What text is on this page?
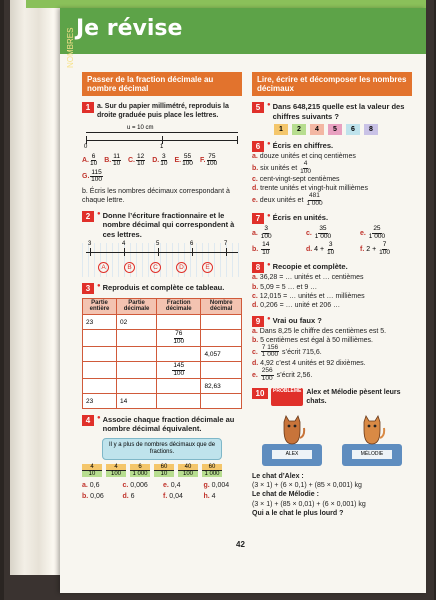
Je révise
NOMBRES
Passer de la fraction décimale au nombre décimal
1 a. Sur du papier millimétré, reproduis la droite graduée puis place les lettres.
u = 10 cm
0	1
A. $\frac{6}{10} B$. $\frac{11}{10} C$. $\frac{12}{10} D$. $\frac{3}{10} E$. $\frac{55}{100} F$. $\frac{75}{100}$
G. $\frac{115}{100}$
b. Écris les nombres décimaux correspondant à chaque lettre.
2	● Donne l’écriture fractionnaire et le nombre décimal qui correspondent à ces lettres.
3	4	5	6	7
A	B	C	D	E
3	● Reproduis et complète ce tableau.
Partie entière	Partie décimale	Fraction décimale	Nombre décimal
23	02		

		$\frac{76}{100}$

			4,057

		$\frac{145}{100}$

			82,63
23	14		
4	● Associe chaque fraction décimale au nombre décimal équivalent.
Il y a plus de nombres décimaux que de fractions.
$\frac{4}{10} \frac{4}{100} \frac{6}{1 000} \frac{60}{10} \frac{40}{100} \frac{60}{1 000}$
a. 0,6	c. 0,006 e. 0,4	g. 0,004
b. 0,06	d. 6	f. 0,04	h. 4
Lire, écrire et décomposer les nombres décimaux
5	● Dans 648,215 quelle est la valeur des chiffres suivants ?
1	2	4	5	6	8
6	● Écris en chiffres.
a. douze unités et cinq centièmes
b. six unités et $\frac{4}{100}$
c. cent-vingt-sept centièmes
d. trente unités et vingt-huit millièmes
e. deux unités et $\frac{481}{1 000}$
7	● Écris en unités.
a. $\frac{3}{100}$	c. $\frac{35}{1 000}$	e. $\frac{25}{1 000}$
b. $\frac{14}{10}$	d. $4 + \frac{3}{10}$	f. $2 + \frac{7}{100}$
8	● Recopie et complète.
a. 36,28 = … unités et … centièmes
b. 5,09 = 5 … et 9 …
c. 12,015 = … unités et … millièmes
d. 0,206 = … unité et 206 …
9	● Vrai ou faux ?
a. Dans 8,25 le chiffre des centièmes est 5.
b. 5 centièmes est égal à 50 millièmes.
c. $\frac{7 156}{1 000}$ s’écrit 715,6.
d. 4,92 c’est 4 unités et 92 dixièmes.
e. $\frac{256}{100}$ s’écrit 2,56.
10	PROBLÈME Alex et Mélodie pèsent leurs chats.
ALEX	MÉLODIE
Le chat d’Alex :
(3 × 1) + (6 × 0,1) + (85 × 0,001) kg
Le chat de Mélodie :
(3 × 1) + (85 × 0,01) + (6 × 0,001) kg
Qui a le chat le plus lourd ?
42
